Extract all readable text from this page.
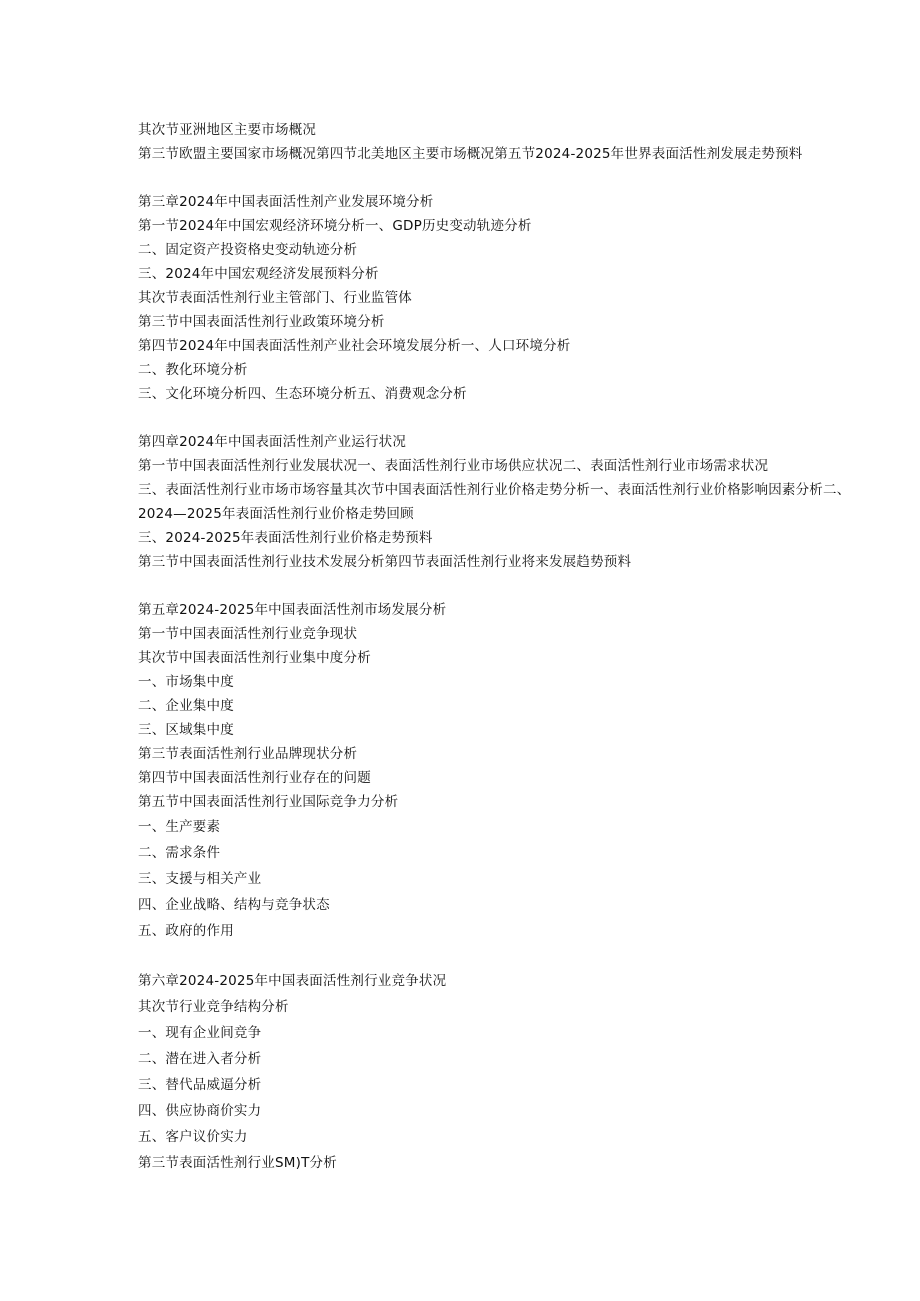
其次节亚洲地区主要市场概况
第三节欧盟主要国家市场概况第四节北美地区主要市场概况第五节2024-2025年世界表面活性剂发展走势预料
第三章2024年中国表面活性剂产业发展环境分析
第一节2024年中国宏观经济环境分析一、GDP历史变动轨迹分析
二、固定资产投资格史变动轨迹分析
三、2024年中国宏观经济发展预料分析
其次节表面活性剂行业主管部门、行业监管体
第三节中国表面活性剂行业政策环境分析
第四节2024年中国表面活性剂产业社会环境发展分析一、人口环境分析
二、教化环境分析
三、文化环境分析四、生态环境分析五、消费观念分析
第四章2024年中国表面活性剂产业运行状况
第一节中国表面活性剂行业发展状况一、表面活性剂行业市场供应状况二、表面活性剂行业市场需求状况
三、表面活性剂行业市场市场容量其次节中国表面活性剂行业价格走势分析一、表面活性剂行业价格影响因素分析二、2024—2025年表面活性剂行业价格走势回顾
三、2024-2025年表面活性剂行业价格走势预料
第三节中国表面活性剂行业技术发展分析第四节表面活性剂行业将来发展趋势预料
第五章2024-2025年中国表面活性剂市场发展分析
第一节中国表面活性剂行业竞争现状
其次节中国表面活性剂行业集中度分析
一、市场集中度
二、企业集中度
三、区域集中度
第三节表面活性剂行业品牌现状分析
第四节中国表面活性剂行业存在的问题
第五节中国表面活性剂行业国际竞争力分析
一、生产要素
二、需求条件
三、支援与相关产业
四、企业战略、结构与竞争状态
五、政府的作用
第六章2024-2025年中国表面活性剂行业竞争状况
其次节行业竞争结构分析
一、现有企业间竞争
二、潜在进入者分析
三、替代品威逼分析
四、供应协商价实力
五、客户议价实力
第三节表面活性剂行业SM)T分析
